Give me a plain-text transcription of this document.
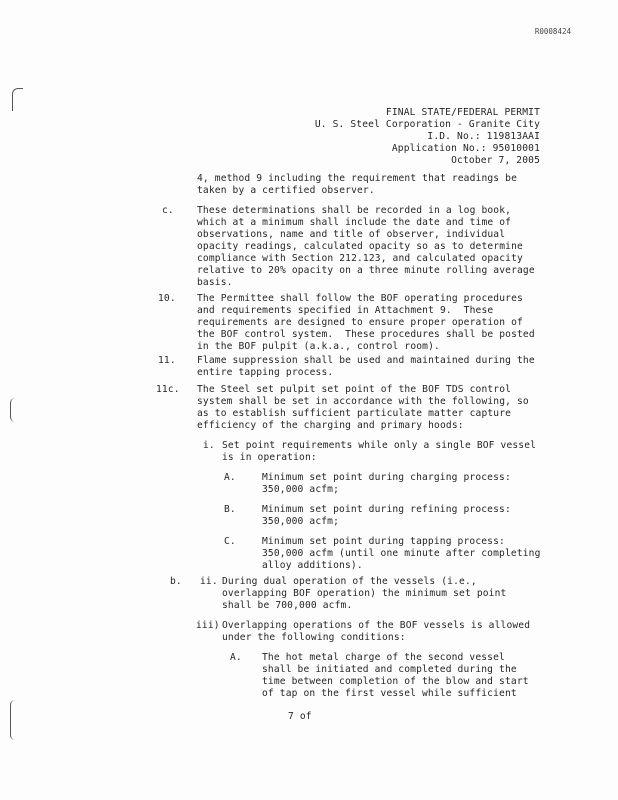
R0008424
FINAL STATE/FEDERAL PERMIT
U. S. Steel Corporation - Granite City
I.D. No.: 119813AAI
Application No.: 95010001
October 7, 2005
4, method 9 including the requirement that readings be
taken by a certified observer.
c. These determinations shall be recorded in a log book,
which at a minimum shall include the date and time of
observations, name and title of observer, individual
opacity readings, calculated opacity so as to determine
compliance with Section 212.123, and calculated opacity
relative to 20% opacity on a three minute rolling average
basis.
10. The Permittee shall follow the BOF operating procedures
and requirements specified in Attachment 9.  These
requirements are designed to ensure proper operation of
the BOF control system.  These procedures shall be posted
in the BOF pulpit (a.k.a., control room).
11. Flame suppression shall be used and maintained during the
entire tapping process.
11c. The Steel set pulpit set point of the BOF TDS control
system shall be set in accordance with the following, so
as to establish sufficient particulate matter capture
efficiency of the charging and primary hoods:
i. Set point requirements while only a single BOF vessel
is in operation:
A.	Minimum set point during charging process:
350,000 acfm;
B.	Minimum set point during refining process:
350,000 acfm;
C.	Minimum set point during tapping process:
350,000 acfm (until one minute after completing
alloy additions).
b. ii. During dual operation of the vessels (i.e.,
overlapping BOF operation) the minimum set point
shall be 700,000 acfm.
iii) Overlapping operations of the BOF vessels is allowed
under the following conditions:
A. The hot metal charge of the second vessel
shall be initiated and completed during the
time between completion of the blow and start
of tap on the first vessel while sufficient
7 of
